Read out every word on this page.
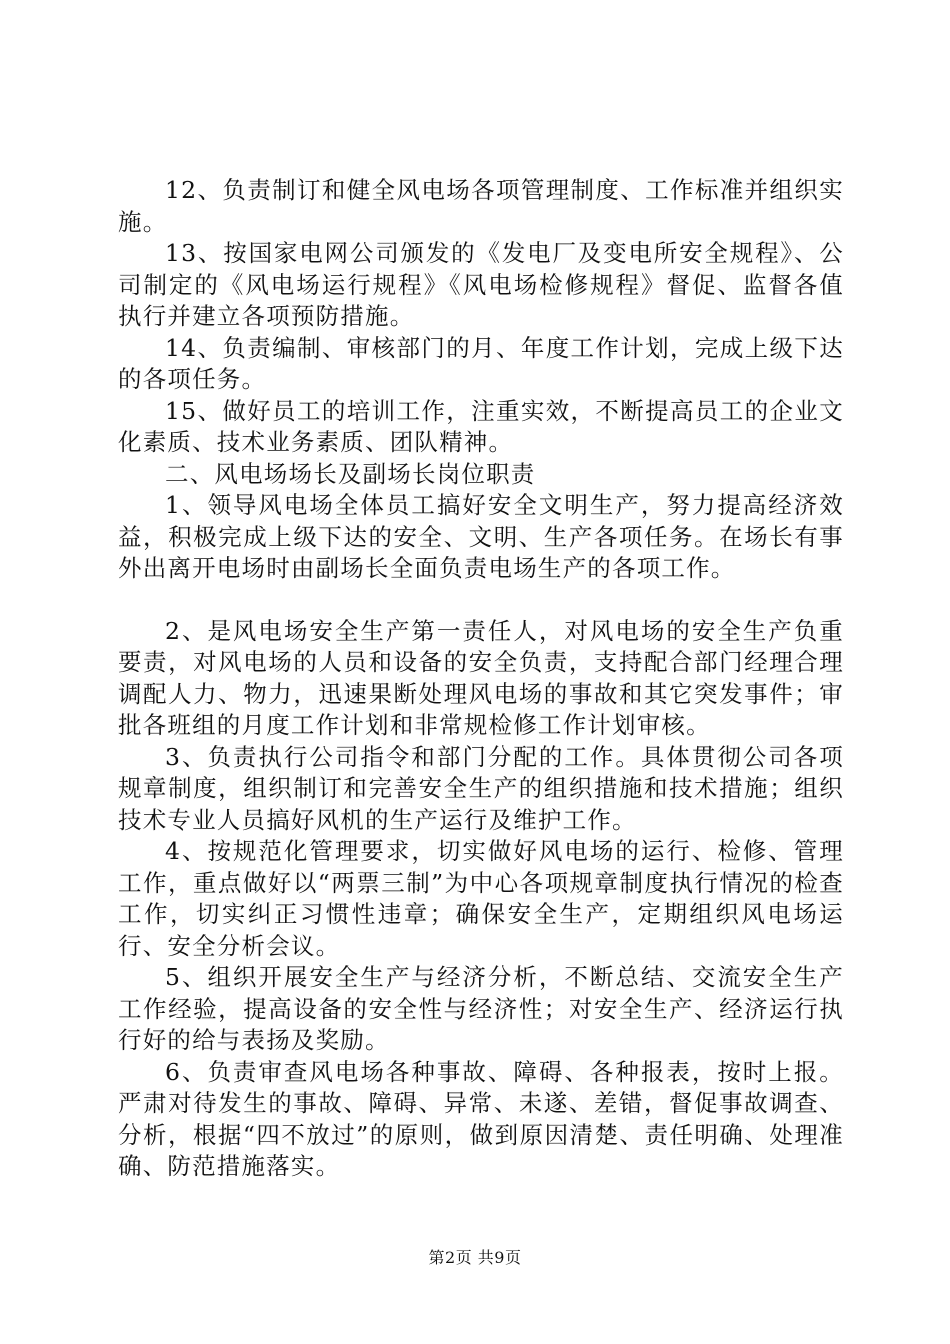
12、负责制订和健全风电场各项管理制度、工作标准并组织实施。

13、按国家电网公司颁发的《发电厂及变电所安全规程》、公司制定的《风电场运行规程》《风电场检修规程》督促、监督各值执行并建立各项预防措施。

14、负责编制、审核部门的月、年度工作计划，完成上级下达的各项任务。

15、做好员工的培训工作，注重实效，不断提高员工的企业文化素质、技术业务素质、团队精神。

二、风电场场长及副场长岗位职责

1、领导风电场全体员工搞好安全文明生产，努力提高经济效益，积极完成上级下达的安全、文明、生产各项任务。在场长有事外出离开电场时由副场长全面负责电场生产的各项工作。

2、是风电场安全生产第一责任人，对风电场的安全生产负重要责，对风电场的人员和设备的安全负责，支持配合部门经理合理调配人力、物力，迅速果断处理风电场的事故和其它突发事件；审批各班组的月度工作计划和非常规检修工作计划审核。

3、负责执行公司指令和部门分配的工作。具体贯彻公司各项规章制度，组织制订和完善安全生产的组织措施和技术措施；组织技术专业人员搞好风机的生产运行及维护工作。

4、按规范化管理要求，切实做好风电场的运行、检修、管理工作，重点做好以“两票三制”为中心各项规章制度执行情况的检查工作，切实纠正习惯性违章；确保安全生产，定期组织风电场运行、安全分析会议。

5、组织开展安全生产与经济分析，不断总结、交流安全生产工作经验，提高设备的安全性与经济性；对安全生产、经济运行执行好的给与表扬及奖励。

6、负责审查风电场各种事故、障碍、各种报表，按时上报。严肃对待发生的事故、障碍、异常、未遂、差错，督促事故调查、分析，根据“四不放过”的原则，做到原因清楚、责任明确、处理准确、防范措施落实。

第2页 共9页
